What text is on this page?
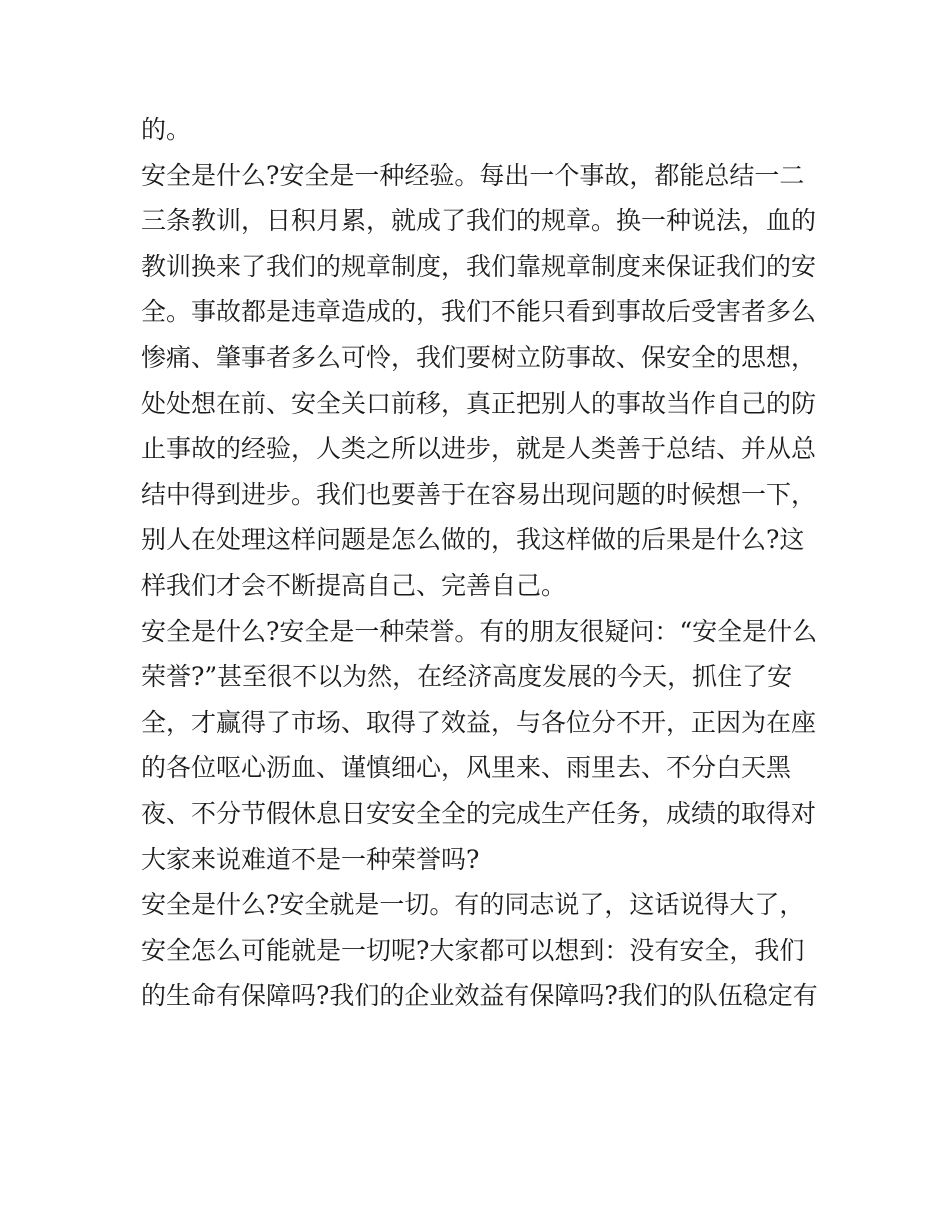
的。
安全是什么?安全是一种经验。每出一个事故，都能总结一二
三条教训，日积月累，就成了我们的规章。换一种说法，血的
教训换来了我们的规章制度，我们靠规章制度来保证我们的安
全。事故都是违章造成的，我们不能只看到事故后受害者多么
惨痛、肇事者多么可怜，我们要树立防事故、保安全的思想，
处处想在前、安全关口前移，真正把别人的事故当作自己的防
止事故的经验，人类之所以进步，就是人类善于总结、并从总
结中得到进步。我们也要善于在容易出现问题的时候想一下，
别人在处理这样问题是怎么做的，我这样做的后果是什么?这
样我们才会不断提高自己、完善自己。
安全是什么?安全是一种荣誉。有的朋友很疑问：“安全是什么
荣誉?”甚至很不以为然，在经济高度发展的今天，抓住了安
全，才赢得了市场、取得了效益，与各位分不开，正因为在座
的各位呕心沥血、谨慎细心，风里来、雨里去、不分白天黑
夜、不分节假休息日安安全全的完成生产任务，成绩的取得对
大家来说难道不是一种荣誉吗?
安全是什么?安全就是一切。有的同志说了，这话说得大了，
安全怎么可能就是一切呢?大家都可以想到：没有安全，我们
的生命有保障吗?我们的企业效益有保障吗?我们的队伍稳定有
